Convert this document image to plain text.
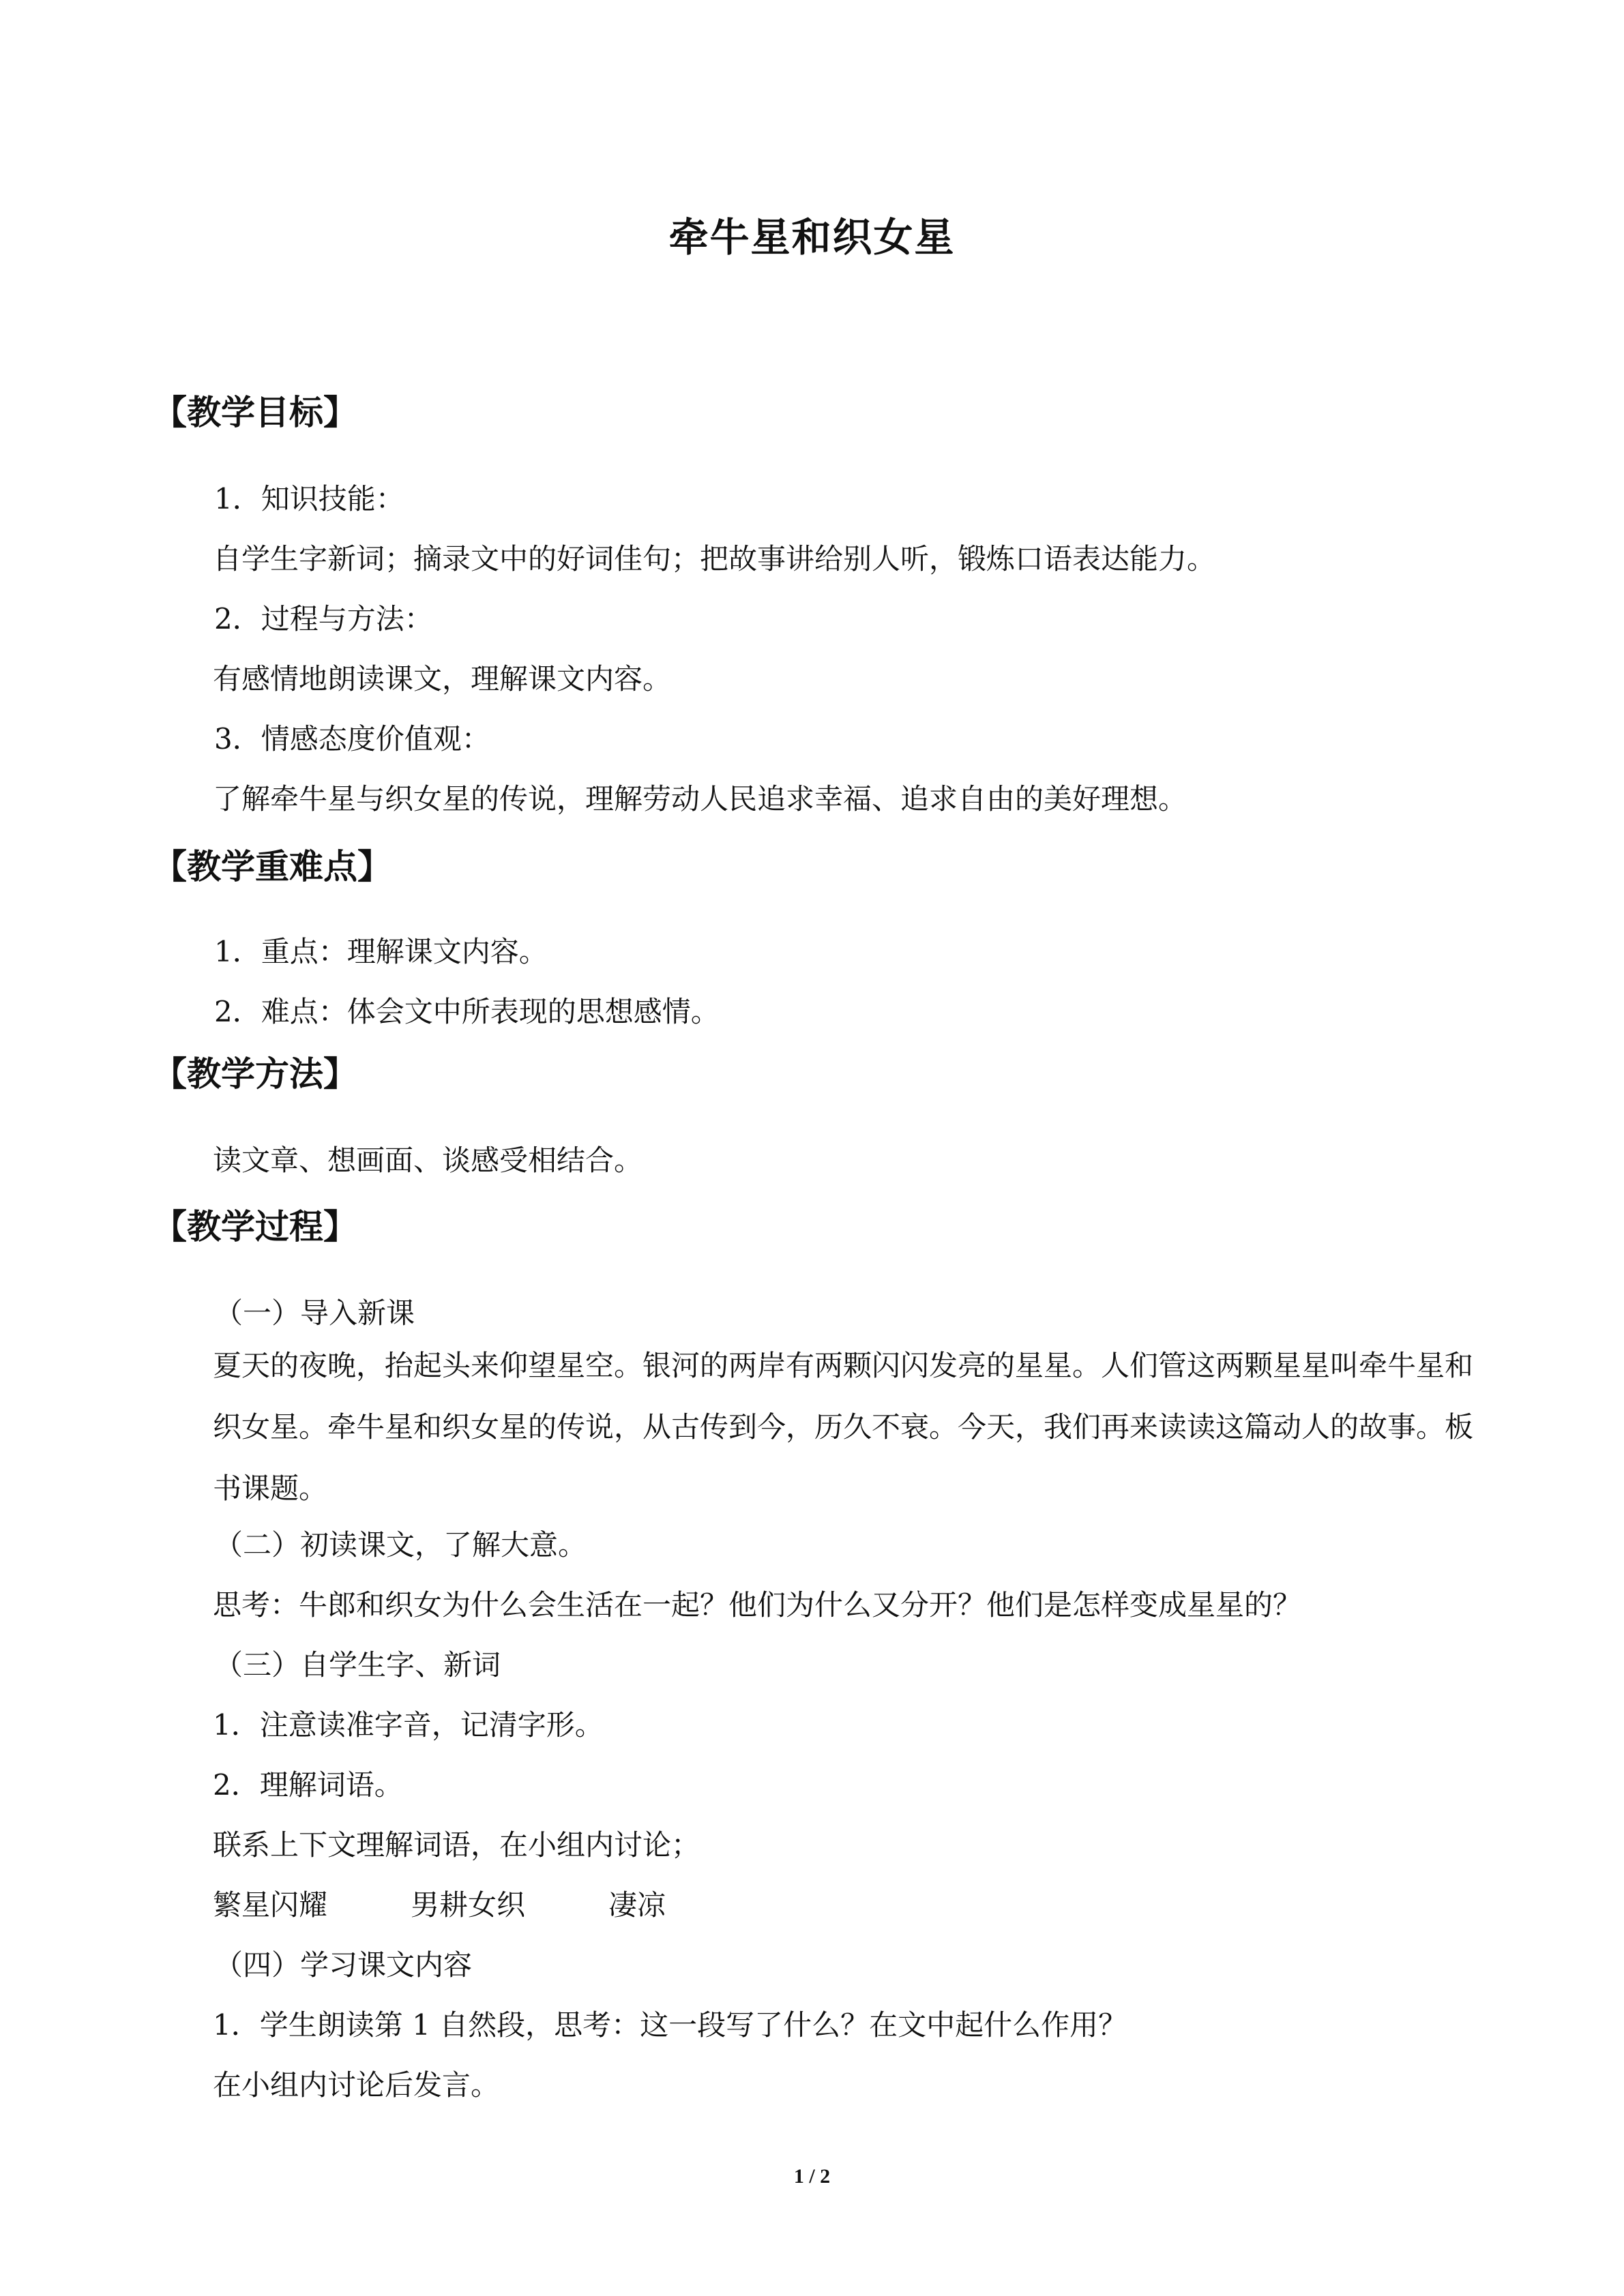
牵牛星和织女星
【教学目标】
1．知识技能：
自学生字新词；摘录文中的好词佳句；把故事讲给别人听，锻炼口语表达能力。
2．过程与方法：
有感情地朗读课文，理解课文内容。
3．情感态度价值观：
了解牵牛星与织女星的传说，理解劳动人民追求幸福、追求自由的美好理想。
【教学重难点】
1．重点：理解课文内容。
2．难点：体会文中所表现的思想感情。
【教学方法】
读文章、想画面、谈感受相结合。
【教学过程】
（一）导入新课
夏天的夜晚，抬起头来仰望星空。银河的两岸有两颗闪闪发亮的星星。人们管这两颗星星叫牵牛星和织女星。牵牛星和织女星的传说，从古传到今，历久不衰。今天，我们再来读读这篇动人的故事。板书课题。
（二）初读课文，了解大意。
思考：牛郎和织女为什么会生活在一起？他们为什么又分开？他们是怎样变成星星的？
（三）自学生字、新词
1．注意读准字音，记清字形。
2．理解词语。
联系上下文理解词语，在小组内讨论；
繁星闪耀	男耕女织	凄凉
（四）学习课文内容
1．学生朗读第 1 自然段，思考：这一段写了什么？在文中起什么作用？
在小组内讨论后发言。
1 / 2
